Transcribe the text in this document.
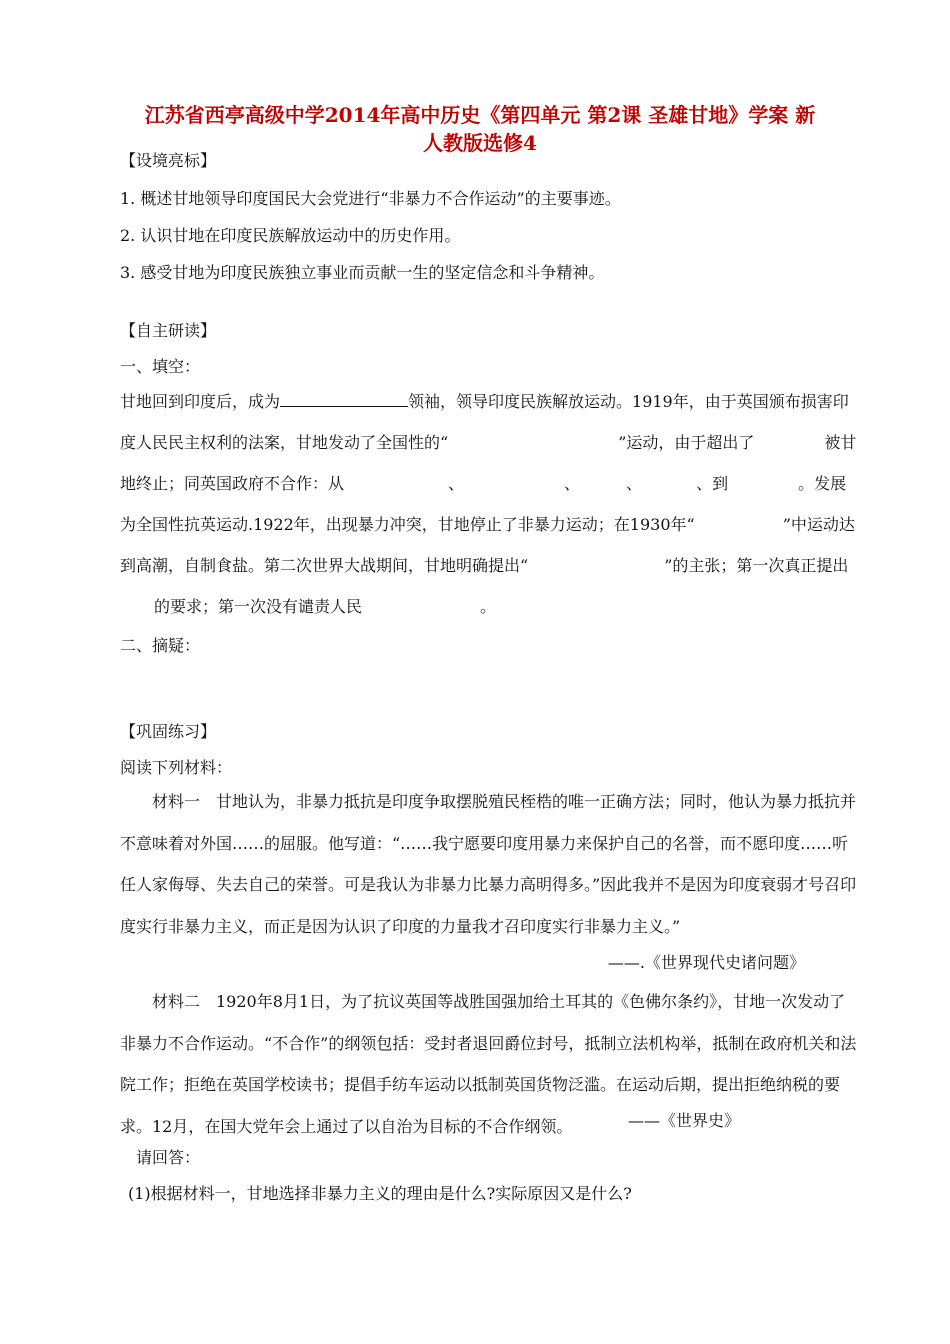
江苏省西亭高级中学2014年高中历史《第四单元 第2课 圣雄甘地》学案 新
人教版选修4
【设境亮标】
1. 概述甘地领导印度国民大会党进行“非暴力不合作运动”的主要事迹。
2. 认识甘地在印度民族解放运动中的历史作用。
3. 感受甘地为印度民族独立事业而贡献一生的坚定信念和斗争精神。
【自主研读】
一、填空：
甘地回到印度后，成为	领袖，领导印度民族解放运动。1919年，由于英国颁布损害印度人民民主权利的法案，甘地发动了全国性的“	”运动，由于超出了	被甘地终止；同英国政府不合作：从	、	、	、	、到	。发展为全国性抗英运动.1922年，出现暴力冲突，甘地停止了非暴力运动；在1930年“	”中运动达到高潮，自制食盐。第二次世界大战期间，甘地明确提出“	”的主张；第一次真正提出的要求；第一次没有谴责人民	。
二、摘疑：
【巩固练习】
阅读下列材料：
材料一　甘地认为，非暴力抵抗是印度争取摆脱殖民桎梏的唯一正确方法；同时，他认为暴力抵抗并不意味着对外国……的屈服。他写道：“……我宁愿要印度用暴力来保护自己的名誉，而不愿印度……听任人家侮辱、失去自己的荣誉。可是我认为非暴力比暴力高明得多。”因此我并不是因为印度衰弱才号召印度实行非暴力主义，而正是因为认识了印度的力量我才召印度实行非暴力主义。”
——.《世界现代史诸问题》
材料二　1920年8月1日，为了抗议英国等战胜国强加给土耳其的《色佛尔条约》，甘地一次发动了非暴力不合作运动。“不合作”的纲领包括：受封者退回爵位封号，抵制立法机构举，抵制在政府机关和法院工作；拒绝在英国学校读书；提倡手纺车运动以抵制英国货物泛滥。在运动后期，提出拒绝纳税的要求。12月，在国大党年会上通过了以自治为目标的不合作纲领。	——《世界史》
请回答：
(1)根据材料一，甘地选择非暴力主义的理由是什么?实际原因又是什么?
